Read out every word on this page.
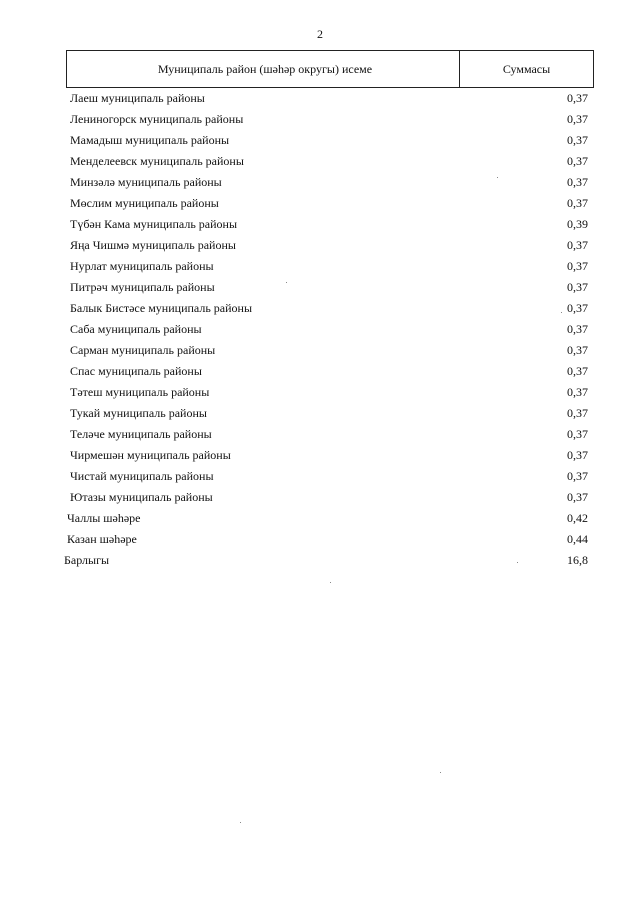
2
Муниципаль район (шәһәр округы) исеме	Суммасы
Лаеш муниципаль районы	0,37
Лениногорск муниципаль районы	0,37
Мамадыш муниципаль районы	0,37
Менделеевск муниципаль районы	0,37
Минзәлә муниципаль районы	0,37
Мөслим муниципаль районы	0,37
Түбән Кама муниципаль районы	0,39
Яңа Чишмә муниципаль районы	0,37
Нурлат муниципаль районы	0,37
Питрәч муниципаль районы	0,37
Балык Бистәсе муниципаль районы	0,37
Саба муниципаль районы	0,37
Сарман муниципаль районы	0,37
Спас муниципаль районы	0,37
Тәтеш муниципаль районы	0,37
Тукай муниципаль районы	0,37
Теләче муниципаль районы	0,37
Чирмешән муниципаль районы	0,37
Чистай муниципаль районы	0,37
Ютазы муниципаль районы	0,37
Чаллы шәһәре	0,42
Казан шәһәре	0,44
Барлыгы	16,8
